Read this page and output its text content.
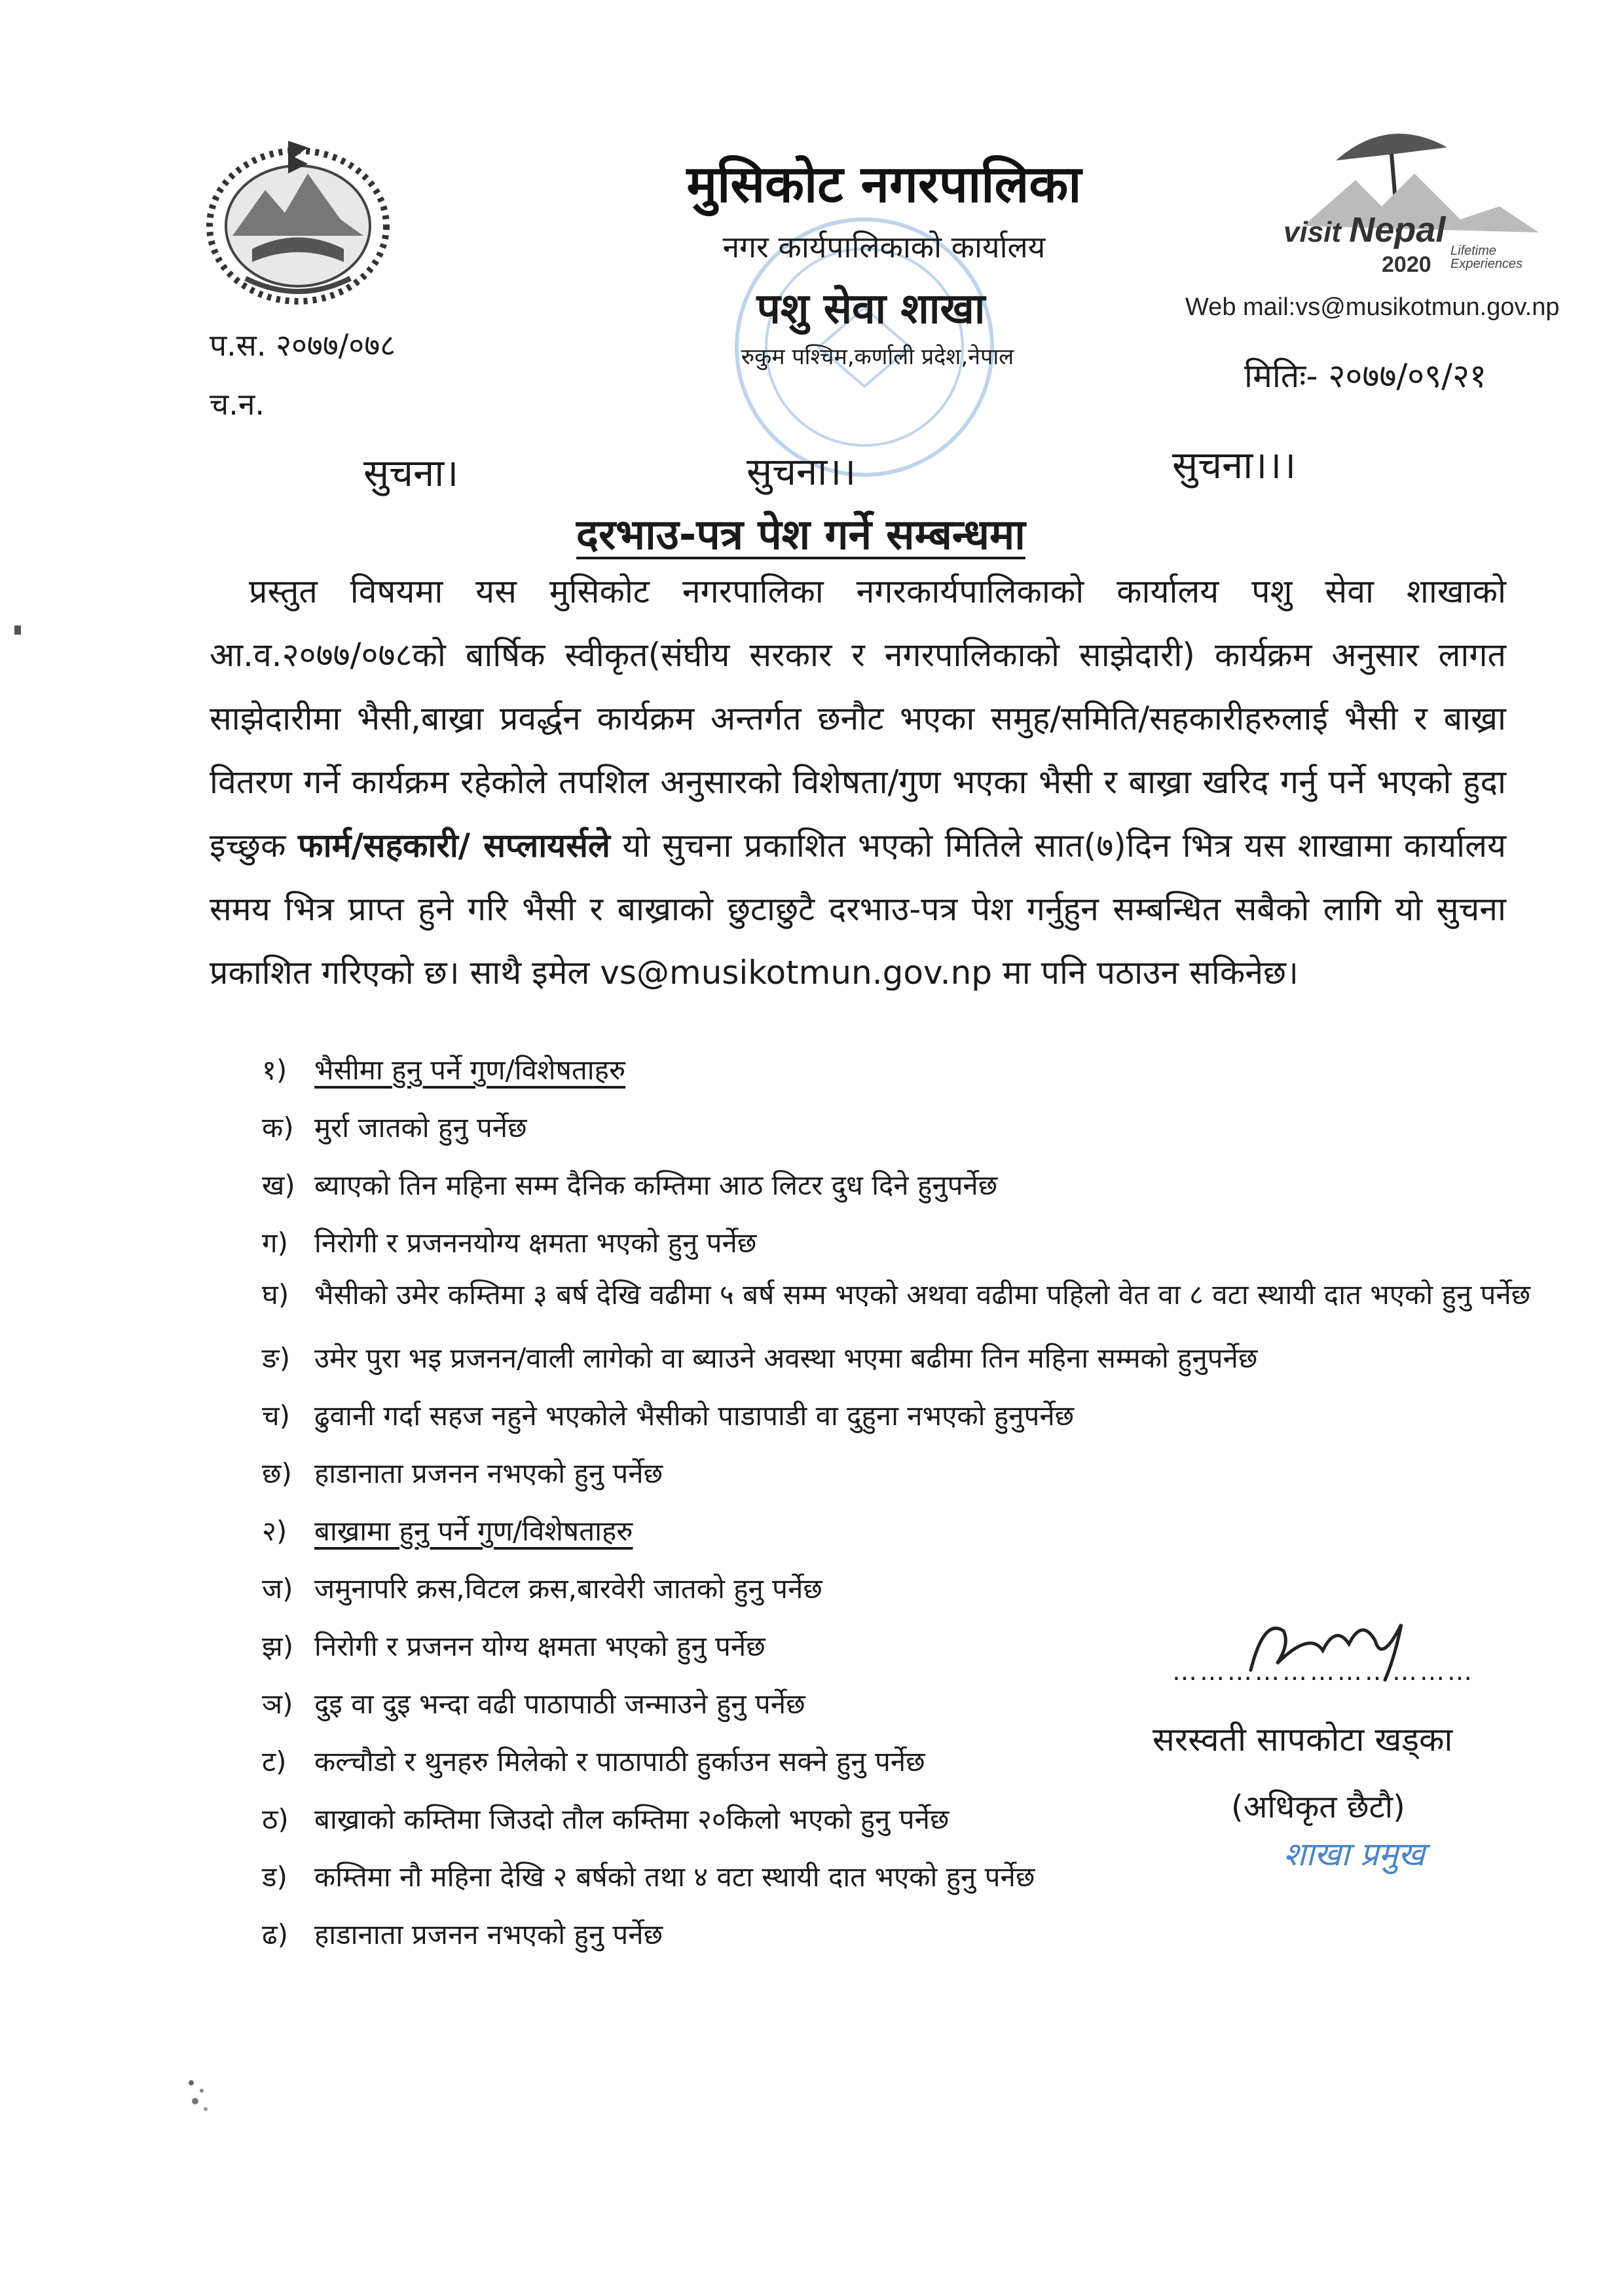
visit Nepal
2020
Lifetime
Experiences
मुसिकोट नगरपालिका
नगर कार्यपालिकाको कार्यालय
पशु सेवा शाखा
रुकुम पश्चिम,कर्णाली प्रदेश,नेपाल
प.स. २०७७/०७८
च.न.
Web mail:vs@musikotmun.gov.np
मितिः- २०७७/०९/२१
सुचना।	सुचना।।	सुचना।।।
दरभाउ-पत्र पेश गर्ने सम्बन्धमा

प्रस्तुत विषयमा यस मुसिकोट नगरपालिका नगरकार्यपालिकाको कार्यालय पशु सेवा शाखाको आ.व.२०७७/०७८को बार्षिक स्वीकृत(संघीय सरकार र नगरपालिकाको साझेदारी) कार्यक्रम अनुसार लागत साझेदारीमा भैसी,बाख्रा प्रवर्द्धन कार्यक्रम अन्तर्गत छनौट भएका समुह/समिति/सहकारीहरुलाई भैसी र बाख्रा वितरण गर्ने कार्यक्रम रहेकोले तपशिल अनुसारको विशेषता/गुण भएका भैसी र बाख्रा खरिद गर्नु पर्ने भएको हुदा इच्छुक फार्म/सहकारी/ सप्लायर्सले यो सुचना प्रकाशित भएको मितिले सात(७)दिन भित्र यस शाखामा कार्यालय समय भित्र प्राप्त हुने गरि भैसी र बाख्राको छुटाछुटै दरभाउ-पत्र पेश गर्नुहुन सम्बन्धित सबैको लागि यो सुचना प्रकाशित गरिएको छ। साथै इमेल vs@musikotmun.gov.np मा पनि पठाउन सकिनेछ।

१) भैसीमा हुनु पर्ने गुण/विशेषताहरु
क) मुर्रा जातको हुनु पर्नेछ
ख) ब्याएको तिन महिना सम्म दैनिक कम्तिमा आठ लिटर दुध दिने हुनुपर्नेछ
ग) निरोगी र प्रजननयोग्य क्षमता भएको हुनु पर्नेछ
घ) भैसीको उमेर कम्तिमा ३ बर्ष देखि वढीमा ५ बर्ष सम्म भएको अथवा वढीमा पहिलो वेत वा ८ वटा स्थायी दात भएको हुनु पर्नेछ
ङ) उमेर पुरा भइ प्रजनन/वाली लागेको वा ब्याउने अवस्था भएमा बढीमा तिन महिना सम्मको हुनुपर्नेछ
च) ढुवानी गर्दा सहज नहुने भएकोले भैसीको पाडापाडी वा दुहुना नभएको हुनुपर्नेछ
छ) हाडानाता प्रजनन नभएको हुनु पर्नेछ
२) बाख्रामा हुनु पर्ने गुण/विशेषताहरु
ज) जमुनापरि क्रस,विटल क्रस,बारवेरी जातको हुनु पर्नेछ
झ) निरोगी र प्रजनन योग्य क्षमता भएको हुनु पर्नेछ
ञ) दुइ वा दुइ भन्दा वढी पाठापाठी जन्माउने हुनु पर्नेछ
ट) कल्चौडो र थुनहरु मिलेको र पाठापाठी हुर्काउन सक्ने हुनु पर्नेछ
ठ) बाख्राको कम्तिमा जिउदो तौल कम्तिमा २०किलो भएको हुनु पर्नेछ
ड) कम्तिमा नौ महिना देखि २ बर्षको तथा ४ वटा स्थायी दात भएको हुनु पर्नेछ
ढ) हाडानाता प्रजनन नभएको हुनु पर्नेछ
……………………………
सरस्वती सापकोटा खड्का
(अधिकृत छैटौ)
शाखा प्रमुख
